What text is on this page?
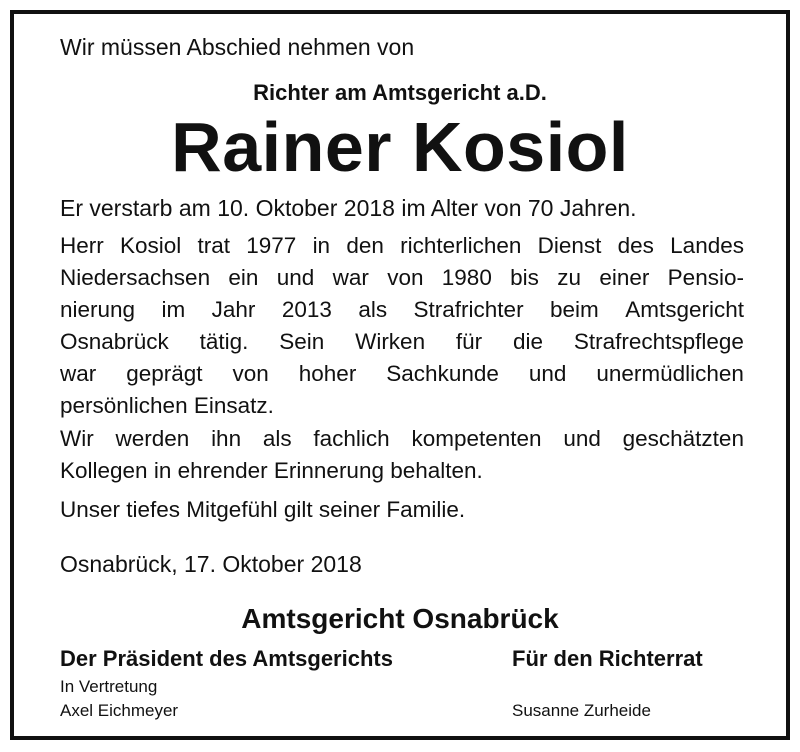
Wir müssen Abschied nehmen von
Richter am Amtsgericht a.D.
Rainer Kosiol
Er verstarb am 10. Oktober 2018 im Alter von 70 Jahren.
Herr Kosiol trat 1977 in den richterlichen Dienst des Landes
Niedersachsen ein und war von 1980 bis zu einer Pensio-
nierung im Jahr 2013 als Strafrichter beim Amtsgericht
Osnabrück tätig. Sein Wirken für die Strafrechtspflege
war geprägt von hoher Sachkunde und unermüdlichen
persönlichen Einsatz.
Wir werden ihn als fachlich kompetenten und geschätzten
Kollegen in ehrender Erinnerung behalten.
Unser tiefes Mitgefühl gilt seiner Familie.
Osnabrück, 17. Oktober 2018
Amtsgericht Osnabrück
Der Präsident des Amtsgerichts	Für den Richterrat
In Vertretung
Axel Eichmeyer	Susanne Zurheide
